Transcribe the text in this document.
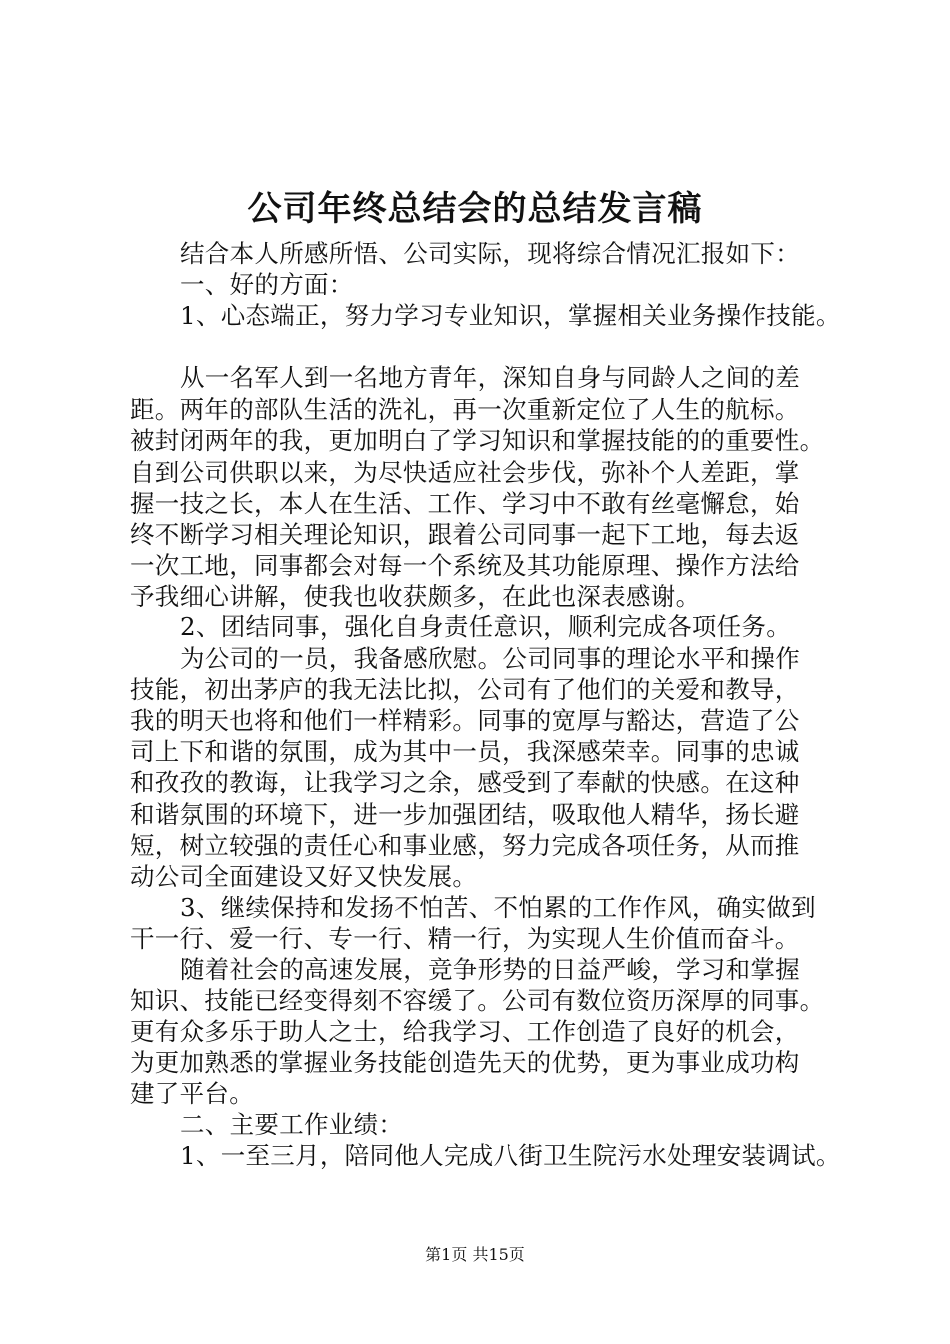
公司年终总结会的总结发言稿
结合本人所感所悟、公司实际，现将综合情况汇报如下：
一、好的方面：
1、心态端正，努力学习专业知识，掌握相关业务操作技能。
从一名军人到一名地方青年，深知自身与同龄人之间的差
距。两年的部队生活的洗礼，再一次重新定位了人生的航标。
被封闭两年的我，更加明白了学习知识和掌握技能的的重要性。
自到公司供职以来，为尽快适应社会步伐，弥补个人差距，掌
握一技之长，本人在生活、工作、学习中不敢有丝毫懈怠，始
终不断学习相关理论知识，跟着公司同事一起下工地，每去返
一次工地，同事都会对每一个系统及其功能原理、操作方法给
予我细心讲解，使我也收获颇多，在此也深表感谢。
2、团结同事，强化自身责任意识，顺利完成各项任务。
为公司的一员，我备感欣慰。公司同事的理论水平和操作
技能，初出茅庐的我无法比拟，公司有了他们的关爱和教导，
我的明天也将和他们一样精彩。同事的宽厚与豁达，营造了公
司上下和谐的氛围，成为其中一员，我深感荣幸。同事的忠诚
和孜孜的教诲，让我学习之余，感受到了奉献的快感。在这种
和谐氛围的环境下，进一步加强团结，吸取他人精华，扬长避
短，树立较强的责任心和事业感，努力完成各项任务，从而推
动公司全面建设又好又快发展。
3、继续保持和发扬不怕苦、不怕累的工作作风，确实做到
干一行、爱一行、专一行、精一行，为实现人生价值而奋斗。
随着社会的高速发展，竞争形势的日益严峻，学习和掌握
知识、技能已经变得刻不容缓了。公司有数位资历深厚的同事。
更有众多乐于助人之士，给我学习、工作创造了良好的机会，
为更加熟悉的掌握业务技能创造先天的优势，更为事业成功构
建了平台。
二、主要工作业绩：
1、一至三月，陪同他人完成八街卫生院污水处理安装调试。
第1页 共15页
